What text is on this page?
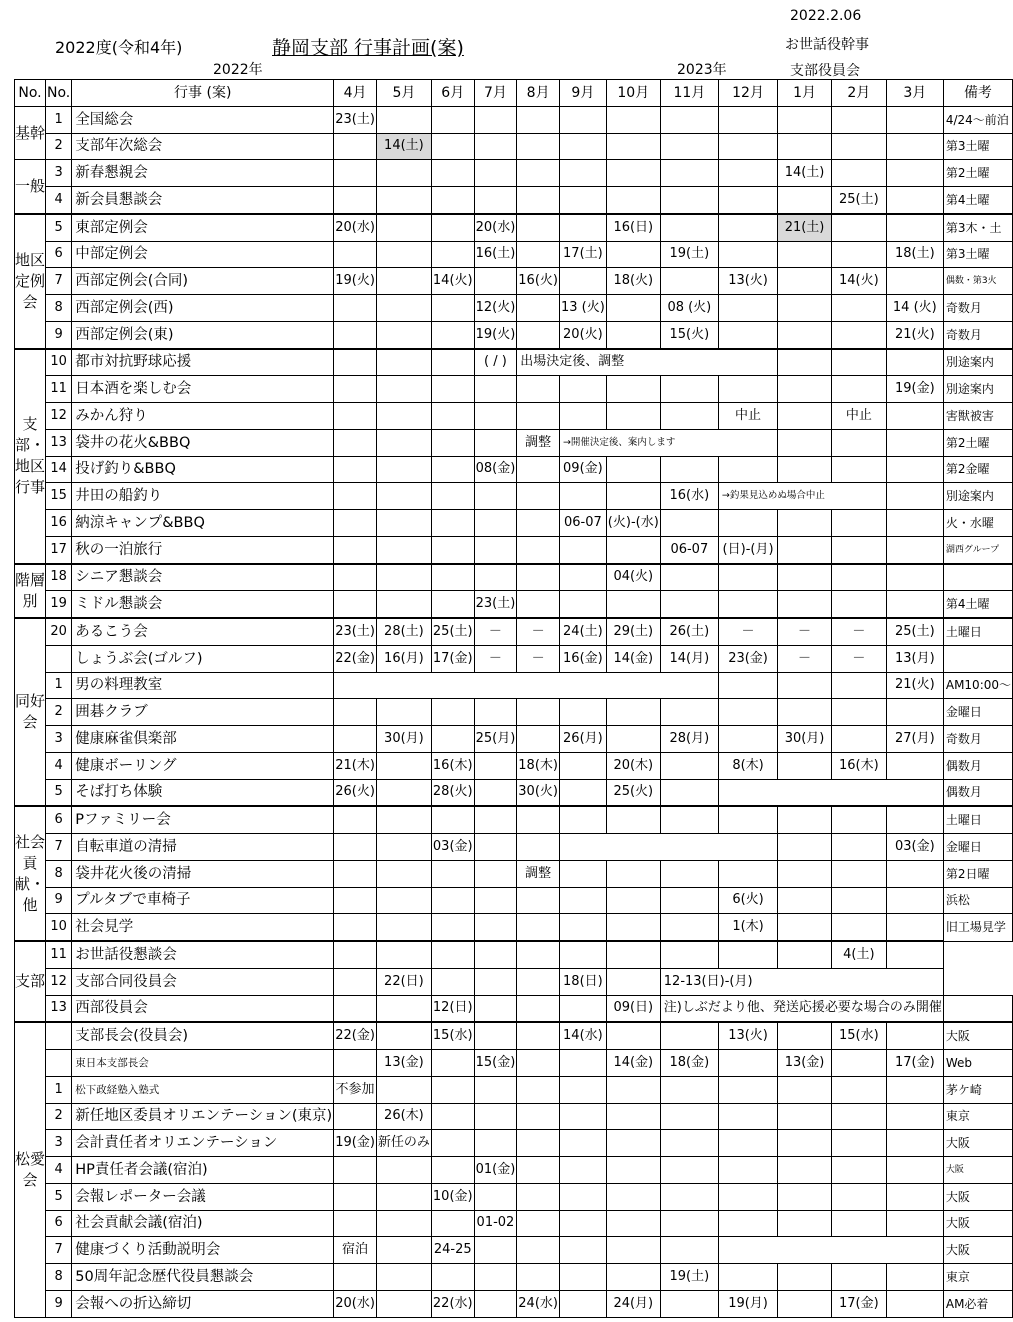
2022.2.06
2022度(令和4年)	静岡支部 行事計画(案)	お世話役幹事
支部役員会
2022年	2023年
No.	No.	行事 (案)	4月	5月	6月	7月	8月	9月	10月	11月	12月	1月	2月	3月	備考
基幹	1	全国総会	23(土)												4/24～前泊
	2	支部年次総会		14(土)											第3土曜
一般	3	新春懇親会										14(土)			第2土曜
	4	新会員懇談会											25(土)		第4土曜
地区定例会	5	東部定例会	20(水)			20(水)			16(日)			21(土)			第3木・土
	6	中部定例会				16(土)		17(土)		19(土)				18(土)	第3土曜
	7	西部定例会(合同)	19(火)		14(火)		16(火)		18(火)		13(火)		14(火)		偶数・第3火
	8	西部定例会(西)				12(火)		13 (火)		08 (火)				14 (火)	奇数月
	9	西部定例会(東)				19(火)		20(火)		15(火)				21(火)	奇数月
支部・地区行事	10	都市対抗野球応援				( / )	出場決定後、調整								別途案内
	11	日本酒を楽しむ会												19(金)	別途案内
	12	みかん狩り									中止		中止		害獣被害
	13	袋井の花火&BBQ					調整	→開催決定後、案内します							第2土曜
	14	投げ釣り&BBQ				08(金)		09(金)							第2金曜
	15	井田の船釣り								16(水)	→釣果見込めぬ場合中止				別途案内
	16	納涼キャンプ&BBQ						06-07	(火)-(水)						火・水曜
	17	秋の一泊旅行								06-07	(日)-(月)				湖西グループ
階層別	18	シニア懇談会							04(火)						
	19	ミドル懇談会				23(土)									第4土曜
同好会	20	あるこう会	23(土)	28(土)	25(土)	－	－	24(土)	29(土)	26(土)	－	－	－	25(土)	土曜日
		しょうぶ会(ゴルフ)	22(金)	16(月)	17(金)	－	－	16(金)	14(金)	14(月)	23(金)	－	－	13(月)	
	1	男の料理教室												21(火)	AM10:00～
	2	囲碁クラブ													金曜日
	3	健康麻雀倶楽部		30(月)		25(月)		26(月)		28(月)		30(月)		27(月)	奇数月
	4	健康ボーリング	21(木)		16(木)		18(木)		20(木)		8(木)		16(木)		偶数月
	5	そば打ち体験	26(火)		28(火)		30(火)		25(火)						偶数月
社会貢献・他	6	Pファミリー会													土曜日
	7	自転車道の清掃			03(金)									03(金)	金曜日
	8	袋井花火後の清掃					調整								第2日曜
	9	プルタブで車椅子									6(火)				浜松
	10	社会見学									1(木)				旧工場見学
支部	11	お世話役懇談会											4(土)		
	12	支部合同役員会		22(日)				18(日)		12-13(日)-(月)					
	13	西部役員会			12(日)				09(日)	注)しぶだより他、発送応援必要な場合のみ開催					
松愛会		支部長会(役員会)	22(金)		15(水)			14(水)			13(火)		15(水)		大阪
		東日本支部長会		13(金)		15(金)			14(金)	18(金)		13(金)		17(金)	Web
	1	松下政経塾入塾式	不参加												茅ケ崎
	2	新任地区委員オリエンテーション(東京)		26(木)											東京
	3	会計責任者オリエンテーション	19(金)	新任のみ											大阪
	4	HP責任者会議(宿泊)				01(金)									大阪
	5	会報レポーター会議			10(金)										大阪
	6	社会貢献会議(宿泊)				01-02									大阪
	7	健康づくり活動説明会	宿泊		24-25										大阪
	8	50周年記念歴代役員懇談会								19(土)					東京
	9	会報への折込締切	20(水)		22(水)		24(水)		24(月)		19(月)		17(金)		AM必着
